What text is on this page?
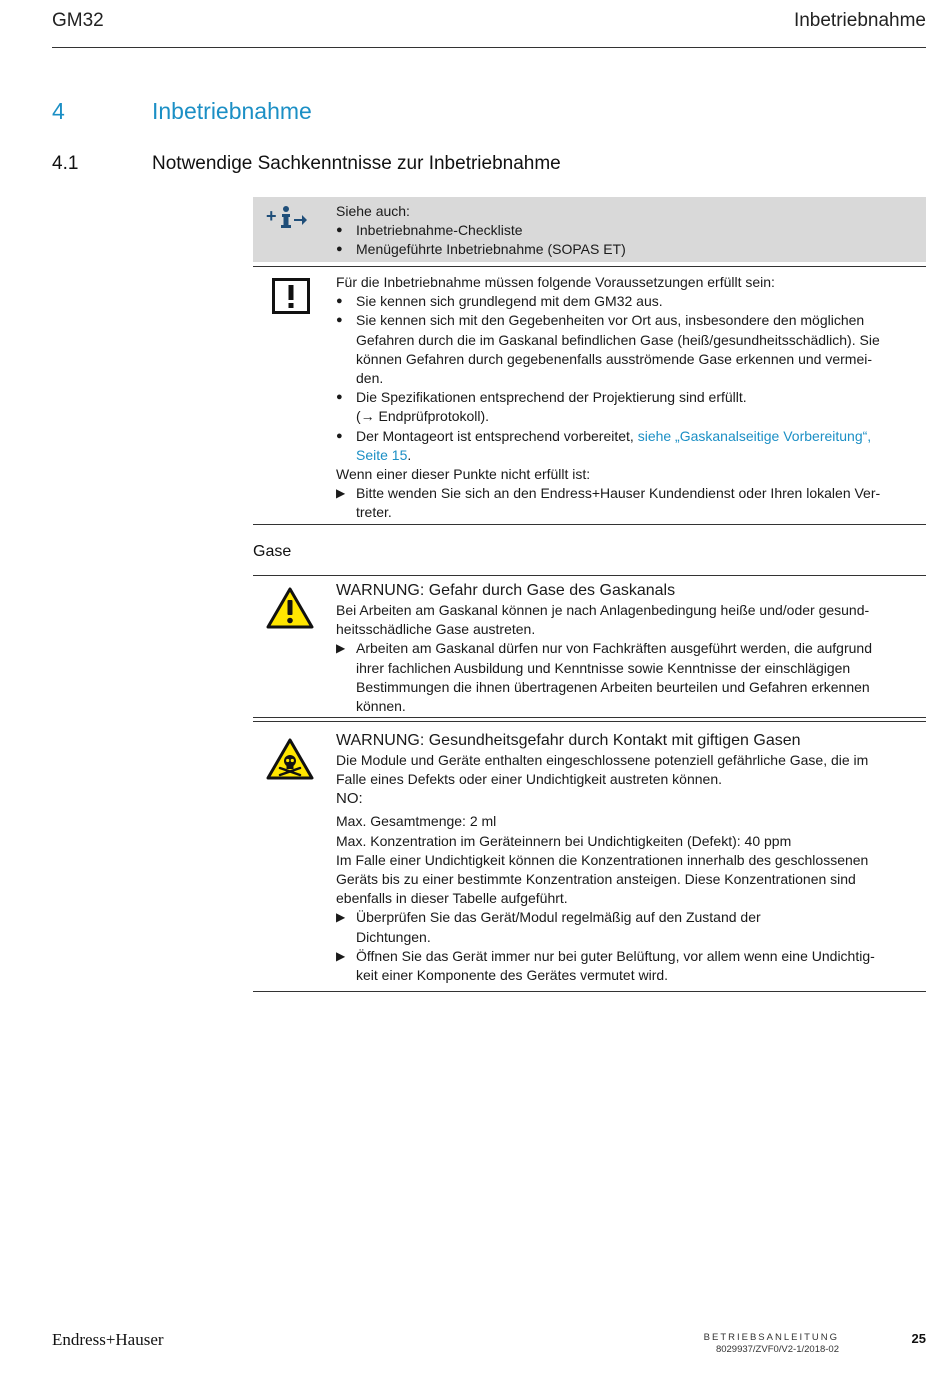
GM32	Inbetriebnahme
4	Inbetriebnahme
4.1	Notwendige Sachkenntnisse zur Inbetriebnahme
+	Siehe auch:
● Inbetriebnahme-Checkliste
● Menügeführte Inbetriebnahme (SOPAS ET)
Für die Inbetriebnahme müssen folgende Voraussetzungen erfüllt sein:
● Sie kennen sich grundlegend mit dem GM32 aus.
● Sie kennen sich mit den Gegebenheiten vor Ort aus, insbesondere den möglichen
Gefahren durch die im Gaskanal befindlichen Gase (heiß/gesundheitsschädlich). Sie
können Gefahren durch gegebenenfalls ausströmende Gase erkennen und vermei-
den.
● Die Spezifikationen entsprechend der Projektierung sind erfüllt.
(→ Endprüfprotokoll).
● Der Montageort ist entsprechend vorbereitet, siehe „Gaskanalseitige Vorbereitung“,
Seite 15.
Wenn einer dieser Punkte nicht erfüllt ist:
▶ Bitte wenden Sie sich an den Endress+Hauser Kundendienst oder Ihren lokalen Ver-
treter.
Gase
WARNUNG: Gefahr durch Gase des Gaskanals
Bei Arbeiten am Gaskanal können je nach Anlagenbedingung heiße und/oder gesund-
heitsschädliche Gase austreten.
▶ Arbeiten am Gaskanal dürfen nur von Fachkräften ausgeführt werden, die aufgrund
ihrer fachlichen Ausbildung und Kenntnisse sowie Kenntnisse der einschlägigen
Bestimmungen die ihnen übertragenen Arbeiten beurteilen und Gefahren erkennen
können.
WARNUNG: Gesundheitsgefahr durch Kontakt mit giftigen Gasen
Die Module und Geräte enthalten eingeschlossene potenziell gefährliche Gase, die im
Falle eines Defekts oder einer Undichtigkeit austreten können.
NO:
Max. Gesamtmenge: 2 ml
Max. Konzentration im Geräteinnern bei Undichtigkeiten (Defekt): 40 ppm
Im Falle einer Undichtigkeit können die Konzentrationen innerhalb des geschlossenen
Geräts bis zu einer bestimmte Konzentration ansteigen. Diese Konzentrationen sind
ebenfalls in dieser Tabelle aufgeführt.
▶ Überprüfen Sie das Gerät/Modul regelmäßig auf den Zustand der
Dichtungen.
▶ Öffnen Sie das Gerät immer nur bei guter Belüftung, vor allem wenn eine Undichtig-
keit einer Komponente des Gerätes vermutet wird.
Endress+Hauser	BETRIEBSANLEITUNG
8029937/ZVF0/V2-1/2018-02
25
